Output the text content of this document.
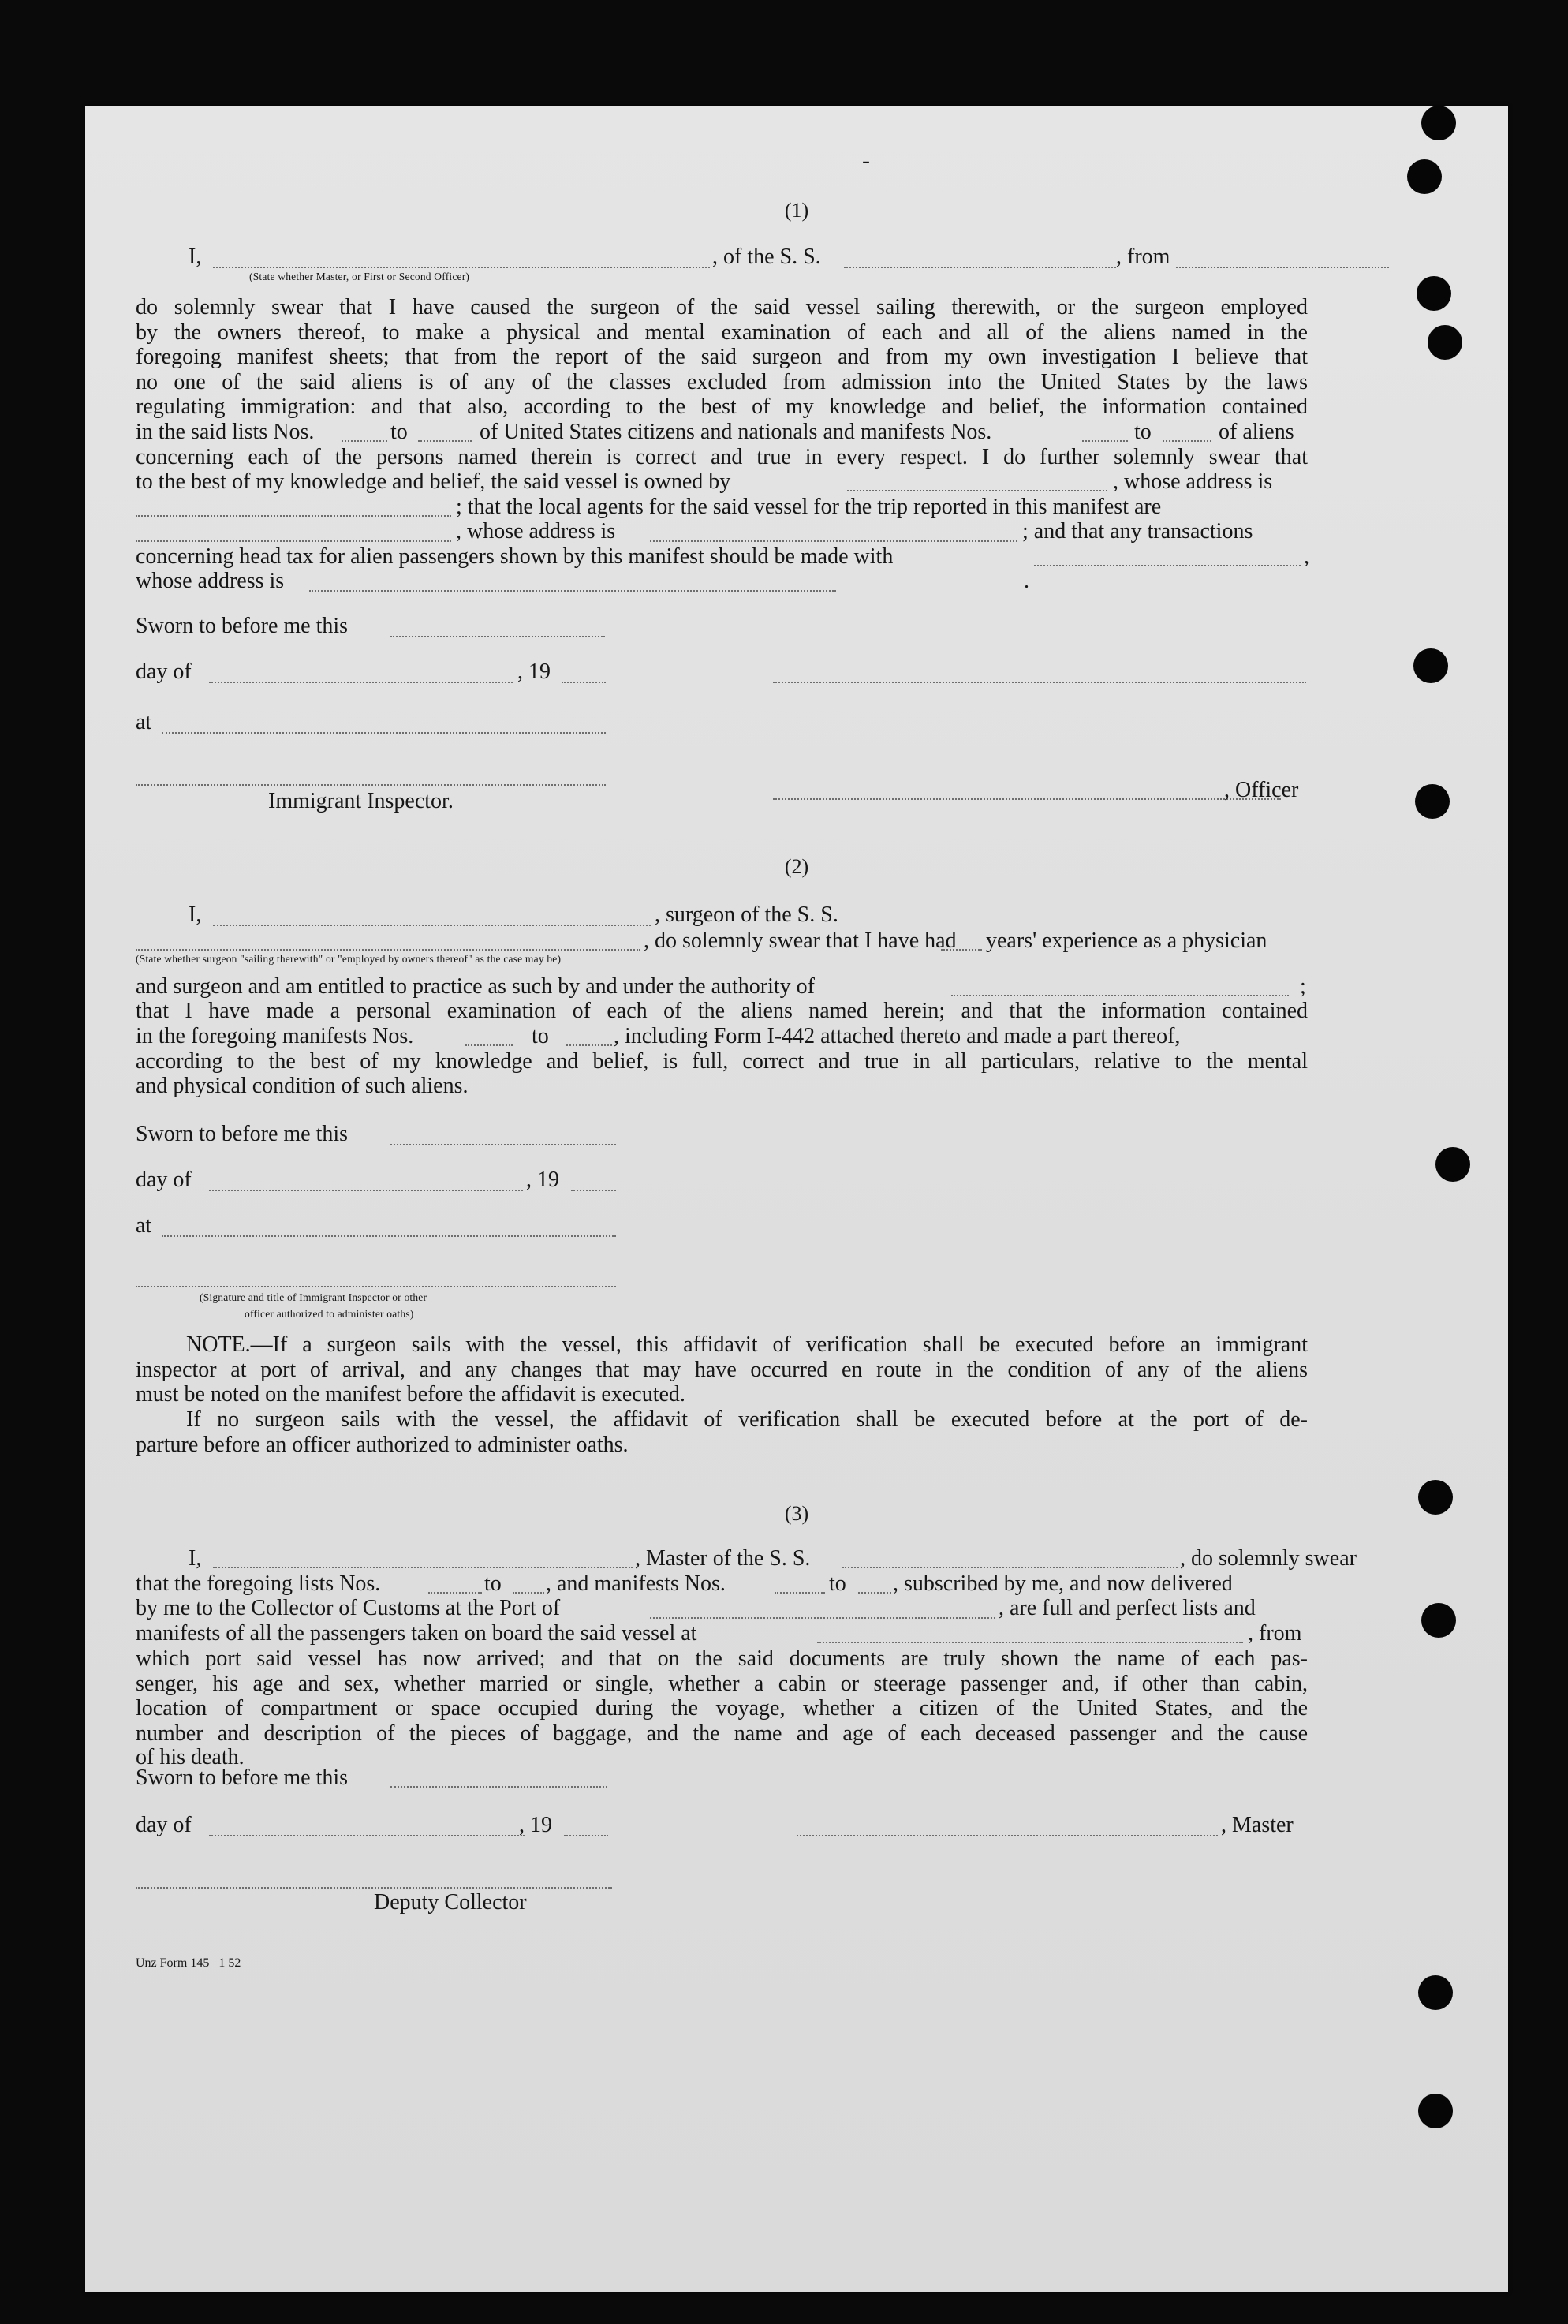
-
(1)
I,
(State whether Master, or First or Second Officer)
, of the S. S.	, from
do solemnly swear that I have caused the surgeon of the said vessel sailing therewith, or the surgeon employed
by the owners thereof, to make a physical and mental examination of each and all of the aliens named in the
foregoing manifest sheets; that from the report of the said surgeon and from my own investigation I believe that
no one of the said aliens is of any of the classes excluded from admission into the United States by the laws
regulating immigration: and that also, according to the best of my knowledge and belief, the information contained
in the said lists Nos.	to	of United States citizens and nationals and manifests Nos.	to	of aliens
concerning each of the persons named therein is correct and true in every respect. I do further solemnly swear that
to the best of my knowledge and belief, the said vessel is owned by	, whose address is
; that the local agents for the said vessel for the trip reported in this manifest are
, whose address is	; and that any transactions
concerning head tax for alien passengers shown by this manifest should be made with	,
whose address is	.
Sworn to before me this
day of	, 19
at
Immigrant Inspector.	, Officer
(2)
I,	, surgeon of the S. S.
(State whether surgeon "sailing therewith" or "employed by owners thereof" as the case may be)
, do solemnly swear that I have had years' experience as a physician
and surgeon and am entitled to practice as such by and under the authority of	;
that I have made a personal examination of each of the aliens named herein; and that the information contained
in the foregoing manifests Nos.	to	, including Form I-442 attached thereto and made a part thereof,
according to the best of my knowledge and belief, is full, correct and true in all particulars, relative to the mental
and physical condition of such aliens.
Sworn to before me this
day of	, 19
at
(Signature and title of Immigrant Inspector or other
officer authorized to administer oaths)
NOTE.—If a surgeon sails with the vessel, this affidavit of verification shall be executed before an immigrant
inspector at port of arrival, and any changes that may have occurred en route in the condition of any of the aliens
must be noted on the manifest before the affidavit is executed.
If no surgeon sails with the vessel, the affidavit of verification shall be executed before at the port of de-
parture before an officer authorized to administer oaths.
(3)
I,	, Master of the S. S.	, do solemnly swear
that the foregoing lists Nos.	to , and manifests Nos.	to , subscribed by me, and now delivered
by me to the Collector of Customs at the Port of	, are full and perfect lists and
manifests of all the passengers taken on board the said vessel at	, from
which port said vessel has now arrived; and that on the said documents are truly shown the name of each pas-
senger, his age and sex, whether married or single, whether a cabin or steerage passenger and, if other than cabin,
location of compartment or space occupied during the voyage, whether a citizen of the United States, and the
number and description of the pieces of baggage, and the name and age of each deceased passenger and the cause
of his death.
Sworn to before me this
day of	, 19	, Master
Deputy Collector
Unz Form 145   1 52
